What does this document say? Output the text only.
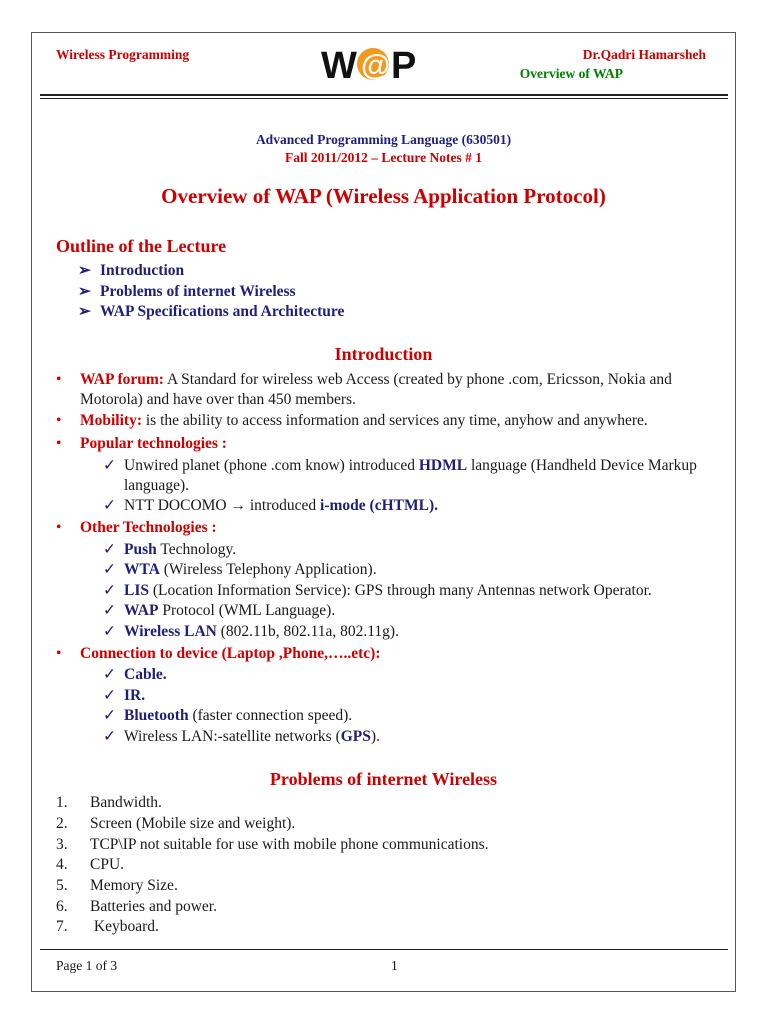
Wireless Programming	W @ P	Dr.Qadri Hamarsheh
Overview of WAP
Advanced Programming Language (630501)
Fall 2011/2012 – Lecture Notes # 1
Overview of WAP (Wireless Application Protocol)
Outline of the Lecture
➢ Introduction
➢ Problems of internet Wireless
➢ WAP Specifications and Architecture
Introduction
• WAP forum: A Standard for wireless web Access (created by phone .com, Ericsson, Nokia and Motorola) and have over than 450 members.
• Mobility: is the ability to access information and services any time, anyhow and anywhere.
• Popular technologies :
✓ Unwired planet (phone .com know) introduced HDML language (Handheld Device Markup language).
✓ NTT DOCOMO → introduced i-mode (cHTML).
• Other Technologies :
✓ Push Technology.
✓ WTA (Wireless Telephony Application).
✓ LIS (Location Information Service): GPS through many Antennas network Operator.
✓ WAP Protocol (WML Language).
✓ Wireless LAN (802.11b, 802.11a, 802.11g).
• Connection to device (Laptop ,Phone,…..etc):
✓ Cable.
✓ IR.
✓ Bluetooth (faster connection speed).
✓ Wireless LAN:-satellite networks (GPS).
Problems of internet Wireless
1. Bandwidth.
2. Screen (Mobile size and weight).
3. TCP\IP not suitable for use with mobile phone communications.
4. CPU.
5. Memory Size.
6. Batteries and power.
7. Keyboard.
Page 1 of 3	1
